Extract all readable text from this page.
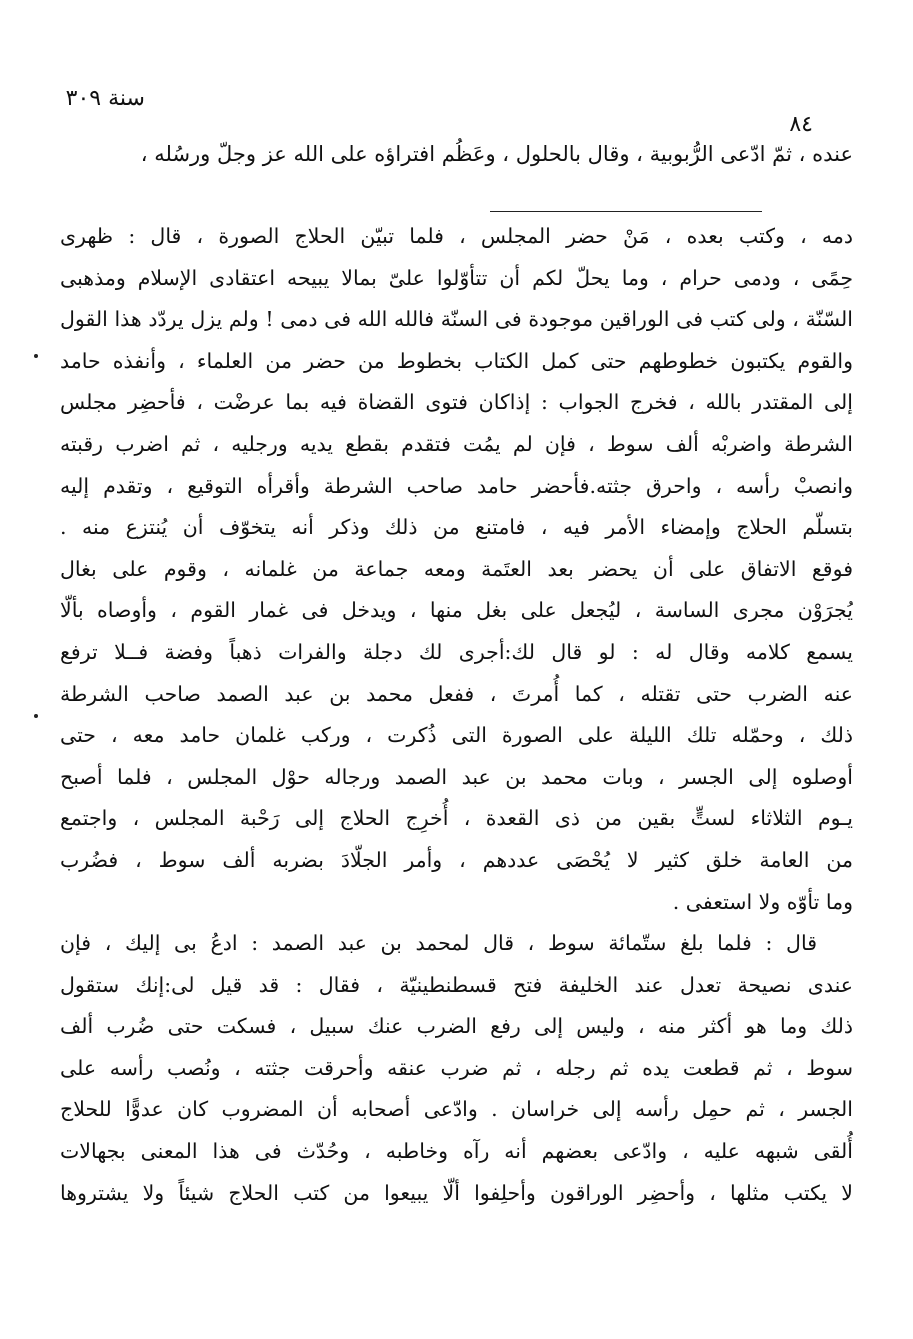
سنة ٣٠٩
٨٤
عنده ، ثمّ ادّعى الرُّبوبية ، وقال بالحلول ، وعَظُم افتراؤه على الله عز وجلّ ورسُله ،
دمه ، وكتب بعده ، مَنْ حضر المجلس ، فلما تبيّن الحلاج الصورة ، قال : ظهرى
حِمًى ، ودمى حرام ، وما يحلّ لكم أن تتأوّلوا علىّ بمالا يبيحه اعتقادى الإسلام ومذهبى
السّنّة ، ولى كتب فى الوراقين موجودة فى السنّة فالله الله فى دمى ! ولم يزل يردّد هذا القول
والقوم يكتبون خطوطهم حتى كمل الكتاب بخطوط من حضر من العلماء ، وأنفذه حامد
إلى المقتدر بالله ، فخرج الجواب : إذاكان فتوى القضاة فيه بما عرضْت ، فأحضِر مجلس
الشرطة واضربْه ألف سوط ، فإن لم يمُت فتقدم بقطع يديه ورجليه ، ثم اضرب رقبته
وانصبْ رأسه ، واحرق جثته.فأحضر حامد صاحب الشرطة وأقرأه التوقيع ، وتقدم إليه
بتسلّم الحلاج وإمضاء الأمر فيه ، فامتنع من ذلك وذكر أنه يتخوّف أن يُنتزع منه .
فوقع الاتفاق على أن يحضر بعد العتَمة ومعه جماعة من غلمانه ، وقوم على بغال
يُجرَوْن مجرى الساسة ، ليُجعل على بغل منها ، ويدخل فى غمار القوم ، وأوصاه بألّا
يسمع كلامه وقال له : لو قال لك:أجرى لك دجلة والفرات ذهباً وفضة فــلا ترفع
عنه الضرب حتى تقتله ، كما أُمرتَ ، ففعل محمد بن عبد الصمد صاحب الشرطة
ذلك ، وحمّله تلك الليلة على الصورة التى ذُكرت ، وركب غلمان حامد معه ، حتى
أوصلوه إلى الجسر ، وبات محمد بن عبد الصمد ورجاله حوْل المجلس ، فلما أصبح
يـوم الثلاثاء لستٍّ بقين من ذى القعدة ، أُخرِج الحلاج إلى رَحْبة المجلس ، واجتمع
من العامة خلق كثير لا يُحْصَى عددهم ، وأمر الجلّادَ بضربه ألف سوط ، فضُرب
وما تأوّه ولا استعفى .
قال : فلما بلغ ستّمائة سوط ، قال لمحمد بن عبد الصمد : ادعُ بى إليك ، فإن
عندى نصيحة تعدل عند الخليفة فتح قسطنطينيّة ، فقال : قد قيل لى:إنك ستقول
ذلك وما هو أكثر منه ، وليس إلى رفع الضرب عنك سبيل ، فسكت حتى ضُرب ألف
سوط ، ثم قطعت يده ثم رجله ، ثم ضرب عنقه وأحرقت جثته ، ونُصب رأسه على
الجسر ، ثم حمِل رأسه إلى خراسان . وادّعى أصحابه أن المضروب كان عدوًّا للحلاج
أُلقى شبهه عليه ، وادّعى بعضهم أنه رآه وخاطبه ، وحُدّث فى هذا المعنى بجهالات
لا يكتب مثلها ، وأحضِر الوراقون وأحلِفوا ألّا يبيعوا من كتب الحلاج شيئاً ولا يشتروها
